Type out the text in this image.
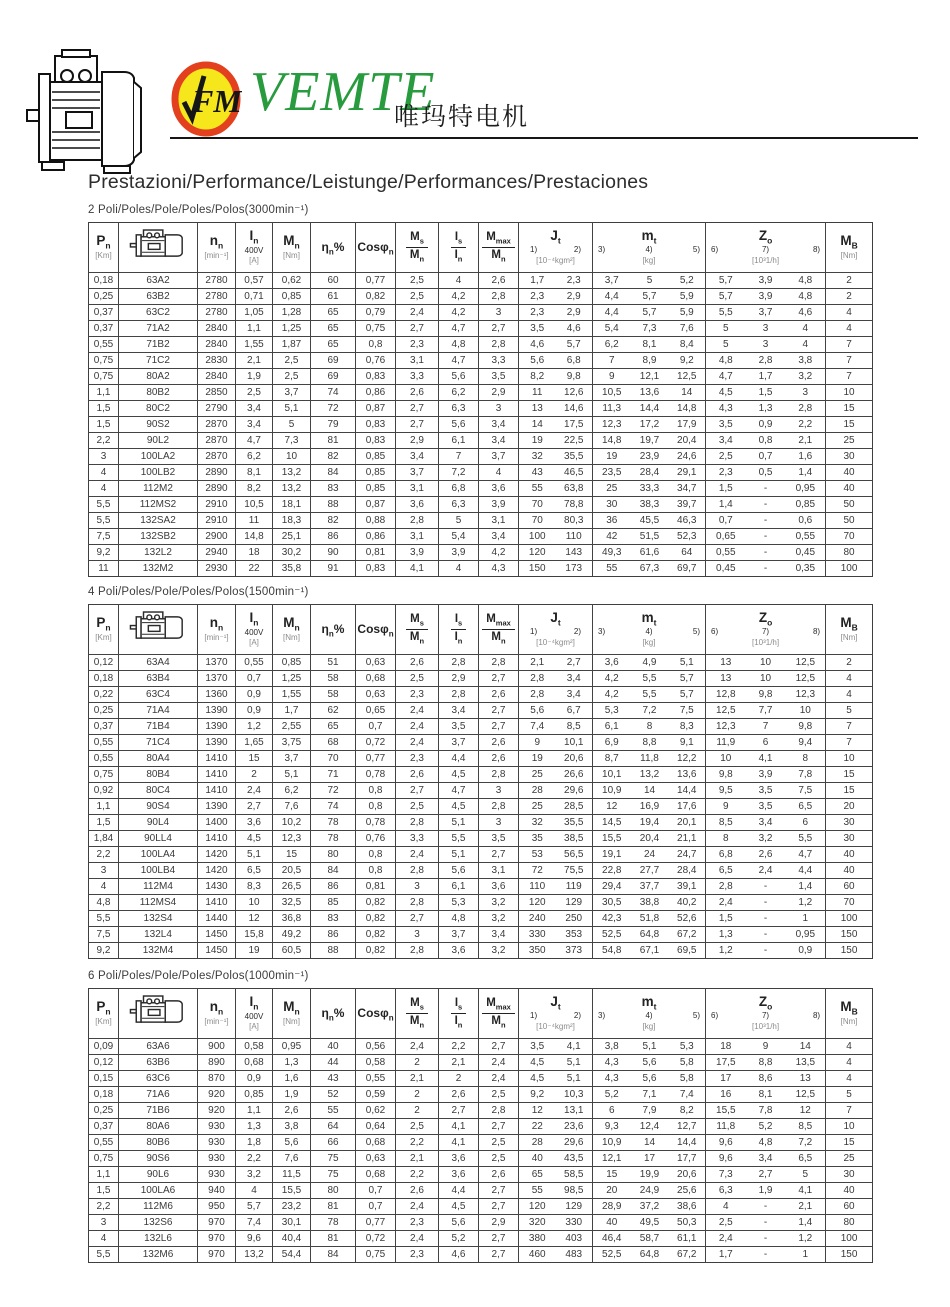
FM VEMTE
唯玛特电机
Prestazioni/Performance/Leistunge/Performances/Prestaciones
2 Poli/Poles/Pole/Poles/Polos(3000min⁻¹)
$P_n$
[Km]

$n_n$
[min⁻¹]

$I_n$
400V
[A]

$M_n$
[Nm]
	$\eta_n\%$	Cosφ$_n$	$\frac{M_s}{M_n}$	$\frac{I_s}{I_n}$	$\frac{M_{max}}{M_n}$	$J_t$
1)	2)
[10⁻⁴kgm²]

$m_t$
3)	4)	5)
[kg]

$Z_o$
6)	7)	8)
[10³1/h]

$M_B$
[Nm]

0,18	63A2	2780	0,57	0,62	60	0,77	2,5	4	2,6	1,7	2,3	3,7	5	5,2	5,7	3,9	4,8	2
0,25	63B2	2780	0,71	0,85	61	0,82	2,5	4,2	2,8	2,3	2,9	4,4	5,7	5,9	5,7	3,9	4,8	2
0,37	63C2	2780	1,05	1,28	65	0,79	2,4	4,2	3	2,3	2,9	4,4	5,7	5,9	5,5	3,7	4,6	4
0,37	71A2	2840	1,1	1,25	65	0,75	2,7	4,7	2,7	3,5	4,6	5,4	7,3	7,6	5	3	4	4
0,55	71B2	2840	1,55	1,87	65	0,8	2,3	4,8	2,8	4,6	5,7	6,2	8,1	8,4	5	3	4	7
0,75	71C2	2830	2,1	2,5	69	0,76	3,1	4,7	3,3	5,6	6,8	7	8,9	9,2	4,8	2,8	3,8	7
0,75	80A2	2840	1,9	2,5	69	0,83	3,3	5,6	3,5	8,2	9,8	9	12,1	12,5	4,7	1,7	3,2	7
1,1	80B2	2850	2,5	3,7	74	0,86	2,6	6,2	2,9	11	12,6	10,5	13,6	14	4,5	1,5	3	10
1,5	80C2	2790	3,4	5,1	72	0,87	2,7	6,3	3	13	14,6	11,3	14,4	14,8	4,3	1,3	2,8	15
1,5	90S2	2870	3,4	5	79	0,83	2,7	5,6	3,4	14	17,5	12,3	17,2	17,9	3,5	0,9	2,2	15
2,2	90L2	2870	4,7	7,3	81	0,83	2,9	6,1	3,4	19	22,5	14,8	19,7	20,4	3,4	0,8	2,1	25
3	100LA2	2870	6,2	10	82	0,85	3,4	7	3,7	32	35,5	19	23,9	24,6	2,5	0,7	1,6	30
4	100LB2	2890	8,1	13,2	84	0,85	3,7	7,2	4	43	46,5	23,5	28,4	29,1	2,3	0,5	1,4	40
4	112M2	2890	8,2	13,2	83	0,85	3,1	6,8	3,6	55	63,8	25	33,3	34,7	1,5	-	0,95	40
5,5	112MS2	2910	10,5	18,1	88	0,87	3,6	6,3	3,9	70	78,8	30	38,3	39,7	1,4	-	0,85	50
5,5	132SA2	2910	11	18,3	82	0,88	2,8	5	3,1	70	80,3	36	45,5	46,3	0,7	-	0,6	50
7,5	132SB2	2900	14,8	25,1	86	0,86	3,1	5,4	3,4	100	110	42	51,5	52,3	0,65	-	0,55	70
9,2	132L2	2940	18	30,2	90	0,81	3,9	3,9	4,2	120	143	49,3	61,6	64	0,55	-	0,45	80
11	132M2	2930	22	35,8	91	0,83	4,1	4	4,3	150	173	55	67,3	69,7	0,45	-	0,35	100
4 Poli/Poles/Pole/Poles/Polos(1500min⁻¹)
$P_n$
[Km]

$n_n$
[min⁻¹]

$I_n$
400V
[A]

$M_n$
[Nm]
	$\eta_n\%$	Cosφ$_n$	$\frac{M_s}{M_n}$	$\frac{I_s}{I_n}$	$\frac{M_{max}}{M_n}$	$J_t$
1)	2)
[10⁻⁴kgm²]

$m_t$
3)	4)	5)
[kg]

$Z_o$
6)	7)	8)
[10³1/h]

$M_B$
[Nm]

0,12	63A4	1370	0,55	0,85	51	0,63	2,6	2,8	2,8	2,1	2,7	3,6	4,9	5,1	13	10	12,5	2
0,18	63B4	1370	0,7	1,25	58	0,68	2,5	2,9	2,7	2,8	3,4	4,2	5,5	5,7	13	10	12,5	4
0,22	63C4	1360	0,9	1,55	58	0,63	2,3	2,8	2,6	2,8	3,4	4,2	5,5	5,7	12,8	9,8	12,3	4
0,25	71A4	1390	0,9	1,7	62	0,65	2,4	3,4	2,7	5,6	6,7	5,3	7,2	7,5	12,5	7,7	10	5
0,37	71B4	1390	1,2	2,55	65	0,7	2,4	3,5	2,7	7,4	8,5	6,1	8	8,3	12,3	7	9,8	7
0,55	71C4	1390	1,65	3,75	68	0,72	2,4	3,7	2,6	9	10,1	6,9	8,8	9,1	11,9	6	9,4	7
0,55	80A4	1410	15	3,7	70	0,77	2,3	4,4	2,6	19	20,6	8,7	11,8	12,2	10	4,1	8	10
0,75	80B4	1410	2	5,1	71	0,78	2,6	4,5	2,8	25	26,6	10,1	13,2	13,6	9,8	3,9	7,8	15
0,92	80C4	1410	2,4	6,2	72	0,8	2,7	4,7	3	28	29,6	10,9	14	14,4	9,5	3,5	7,5	15
1,1	90S4	1390	2,7	7,6	74	0,8	2,5	4,5	2,8	25	28,5	12	16,9	17,6	9	3,5	6,5	20
1,5	90L4	1400	3,6	10,2	78	0,78	2,8	5,1	3	32	35,5	14,5	19,4	20,1	8,5	3,4	6	30
1,84	90LL4	1410	4,5	12,3	78	0,76	3,3	5,5	3,5	35	38,5	15,5	20,4	21,1	8	3,2	5,5	30
2,2	100LA4	1420	5,1	15	80	0,8	2,4	5,1	2,7	53	56,5	19,1	24	24,7	6,8	2,6	4,7	40
3	100LB4	1420	6,5	20,5	84	0,8	2,8	5,6	3,1	72	75,5	22,8	27,7	28,4	6,5	2,4	4,4	40
4	112M4	1430	8,3	26,5	86	0,81	3	6,1	3,6	110	119	29,4	37,7	39,1	2,8	-	1,4	60
4,8	112MS4	1410	10	32,5	85	0,82	2,8	5,3	3,2	120	129	30,5	38,8	40,2	2,4	-	1,2	70
5,5	132S4	1440	12	36,8	83	0,82	2,7	4,8	3,2	240	250	42,3	51,8	52,6	1,5	-	1	100
7,5	132L4	1450	15,8	49,2	86	0,82	3	3,7	3,4	330	353	52,5	64,8	67,2	1,3	-	0,95	150
9,2	132M4	1450	19	60,5	88	0,82	2,8	3,6	3,2	350	373	54,8	67,1	69,5	1,2	-	0,9	150
6 Poli/Poles/Pole/Poles/Polos(1000min⁻¹)
$P_n$
[Km]

$n_n$
[min⁻¹]

$I_n$
400V
[A]

$M_n$
[Nm]
	$\eta_n\%$	Cosφ$_n$	$\frac{M_s}{M_n}$	$\frac{I_s}{I_n}$	$\frac{M_{max}}{M_n}$	$J_t$
1)	2)
[10⁻⁴kgm²]

$m_t$
3)	4)	5)
[kg]

$Z_o$
6)	7)	8)
[10³1/h]

$M_B$
[Nm]

0,09	63A6	900	0,58	0,95	40	0,56	2,4	2,2	2,7	3,5	4,1	3,8	5,1	5,3	18	9	14	4
0,12	63B6	890	0,68	1,3	44	0,58	2	2,1	2,4	4,5	5,1	4,3	5,6	5,8	17,5	8,8	13,5	4
0,15	63C6	870	0,9	1,6	43	0,55	2,1	2	2,4	4,5	5,1	4,3	5,6	5,8	17	8,6	13	4
0,18	71A6	920	0,85	1,9	52	0,59	2	2,6	2,5	9,2	10,3	5,2	7,1	7,4	16	8,1	12,5	5
0,25	71B6	920	1,1	2,6	55	0,62	2	2,7	2,8	12	13,1	6	7,9	8,2	15,5	7,8	12	7
0,37	80A6	930	1,3	3,8	64	0,64	2,5	4,1	2,7	22	23,6	9,3	12,4	12,7	11,8	5,2	8,5	10
0,55	80B6	930	1,8	5,6	66	0,68	2,2	4,1	2,5	28	29,6	10,9	14	14,4	9,6	4,8	7,2	15
0,75	90S6	930	2,2	7,6	75	0,63	2,1	3,6	2,5	40	43,5	12,1	17	17,7	9,6	3,4	6,5	25
1,1	90L6	930	3,2	11,5	75	0,68	2,2	3,6	2,6	65	58,5	15	19,9	20,6	7,3	2,7	5	30
1,5	100LA6	940	4	15,5	80	0,7	2,6	4,4	2,7	55	98,5	20	24,9	25,6	6,3	1,9	4,1	40
2,2	112M6	950	5,7	23,2	81	0,7	2,4	4,5	2,7	120	129	28,9	37,2	38,6	4	-	2,1	60
3	132S6	970	7,4	30,1	78	0,77	2,3	5,6	2,9	320	330	40	49,5	50,3	2,5	-	1,4	80
4	132L6	970	9,6	40,4	81	0,72	2,4	5,2	2,7	380	403	46,4	58,7	61,1	2,4	-	1,2	100
5,5	132M6	970	13,2	54,4	84	0,75	2,3	4,6	2,7	460	483	52,5	64,8	67,2	1,7	-	1	150
